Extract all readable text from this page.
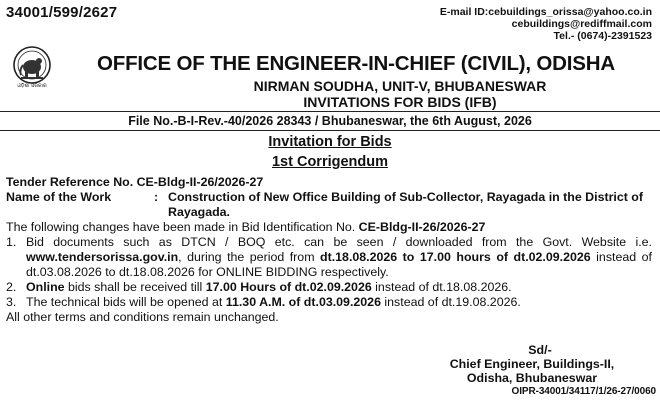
34001/599/2627	E-mail ID:cebuildings_orissa@yahoo.co.in
cebuildings@rediffmail.com
Tel.- (0674)-2391523
ଓଡ଼ିଶା ସରକାର
OFFICE OF THE ENGINEER-IN-CHIEF (CIVIL), ODISHA
NIRMAN SOUDHA, UNIT-V, BHUBANESWAR
INVITATIONS FOR BIDS (IFB)
File No.-B-I-Rev.-40/2026 28343 / Bhubaneswar, the 6th August, 2026
Invitation for Bids
1st Corrigendum

Tender Reference No. CE-Bldg-II-26/2026-27

Name of the Work	: Construction of New Office Building of Sub-Collector, Rayagada in the District of Rayagada.

The following changes have been made in Bid Identification No. CE-Bldg-II-26/2026-27

1. Bid documents such as DTCN / BOQ etc. can be seen / downloaded from the Govt. Website i.e. www.tendersorissa.gov.in, during the period from dt.18.08.2026 to 17.00 hours of dt.02.09.2026 instead of dt.03.08.2026 to dt.18.08.2026 for ONLINE BIDDING respectively.
2. Online bids shall be received till 17.00 Hours of dt.02.09.2026 instead of dt.18.08.2026.
3. The technical bids will be opened at 11.30 A.M. of dt.03.09.2026 instead of dt.19.08.2026.

All other terms and conditions remain unchanged.

Sd/-
Chief Engineer, Buildings-II,
Odisha, Bhubaneswar
OIPR-34001/34117/1/26-27/0060
